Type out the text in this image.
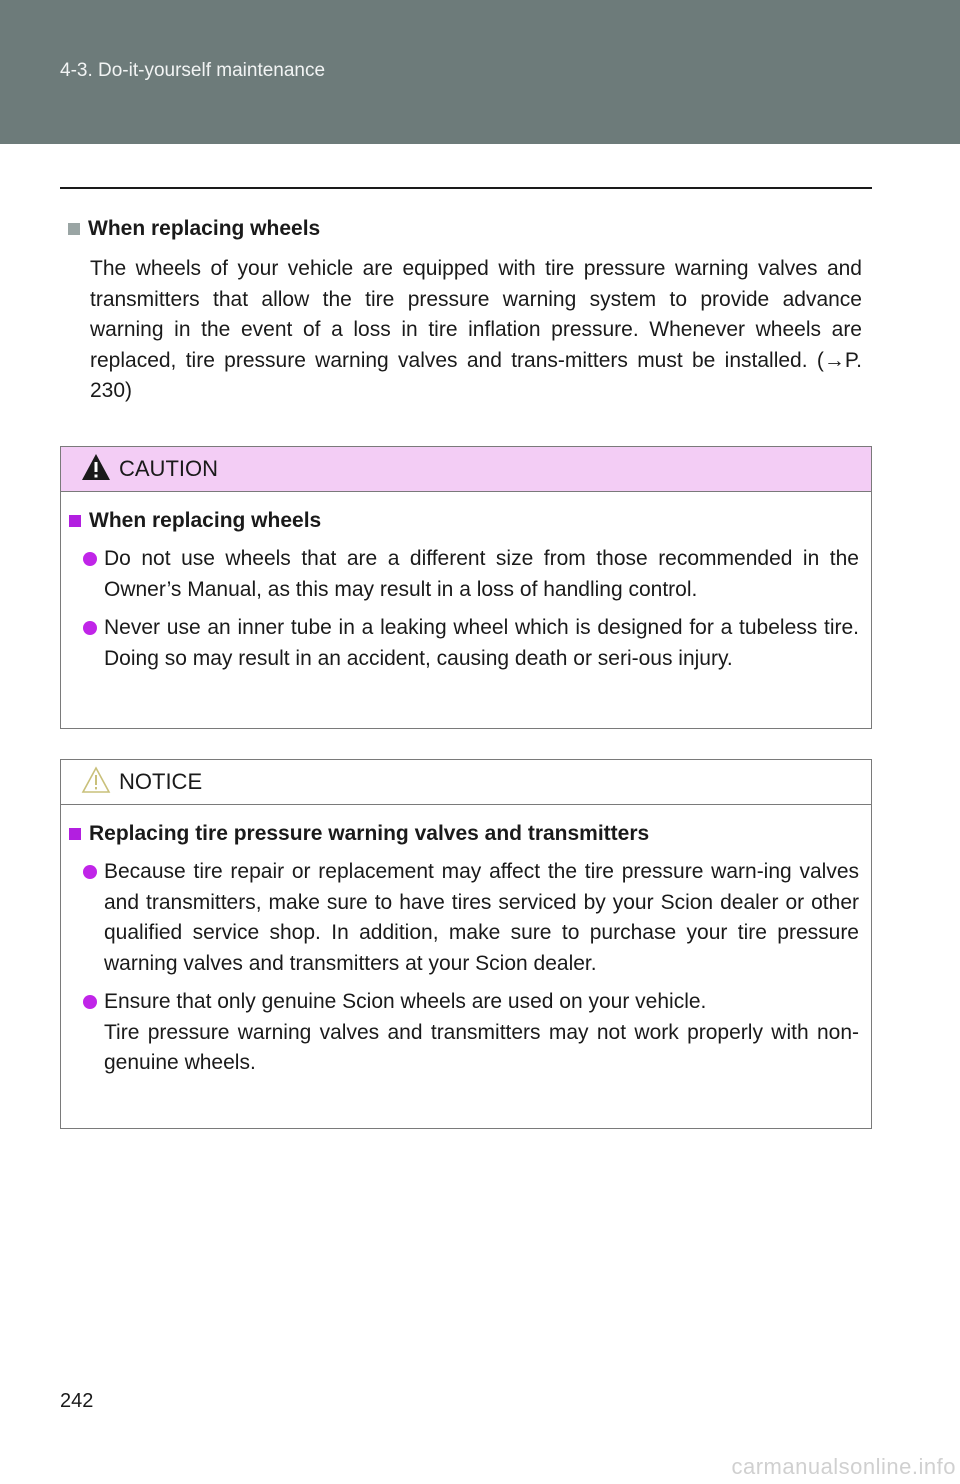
4-3. Do-it-yourself maintenance
When replacing wheels
The wheels of your vehicle are equipped with tire pressure warning valves and transmitters that allow the tire pressure warning system to provide advance warning in the event of a loss in tire inflation pressure. Whenever wheels are replaced, tire pressure warning valves and trans-mitters must be installed. (→P. 230)
CAUTION
When replacing wheels
Do not use wheels that are a different size from those recommended in the Owner’s Manual, as this may result in a loss of handling control.
Never use an inner tube in a leaking wheel which is designed for a tubeless tire. Doing so may result in an accident, causing death or seri-ous injury.
NOTICE
Replacing tire pressure warning valves and transmitters
Because tire repair or replacement may affect the tire pressure warn-ing valves and transmitters, make sure to have tires serviced by your Scion dealer or other qualified service shop. In addition, make sure to purchase your tire pressure warning valves and transmitters at your Scion dealer.
Ensure that only genuine Scion wheels are used on your vehicle.
Tire pressure warning valves and transmitters may not work properly with non-genuine wheels.
242
carmanualsonline.info
